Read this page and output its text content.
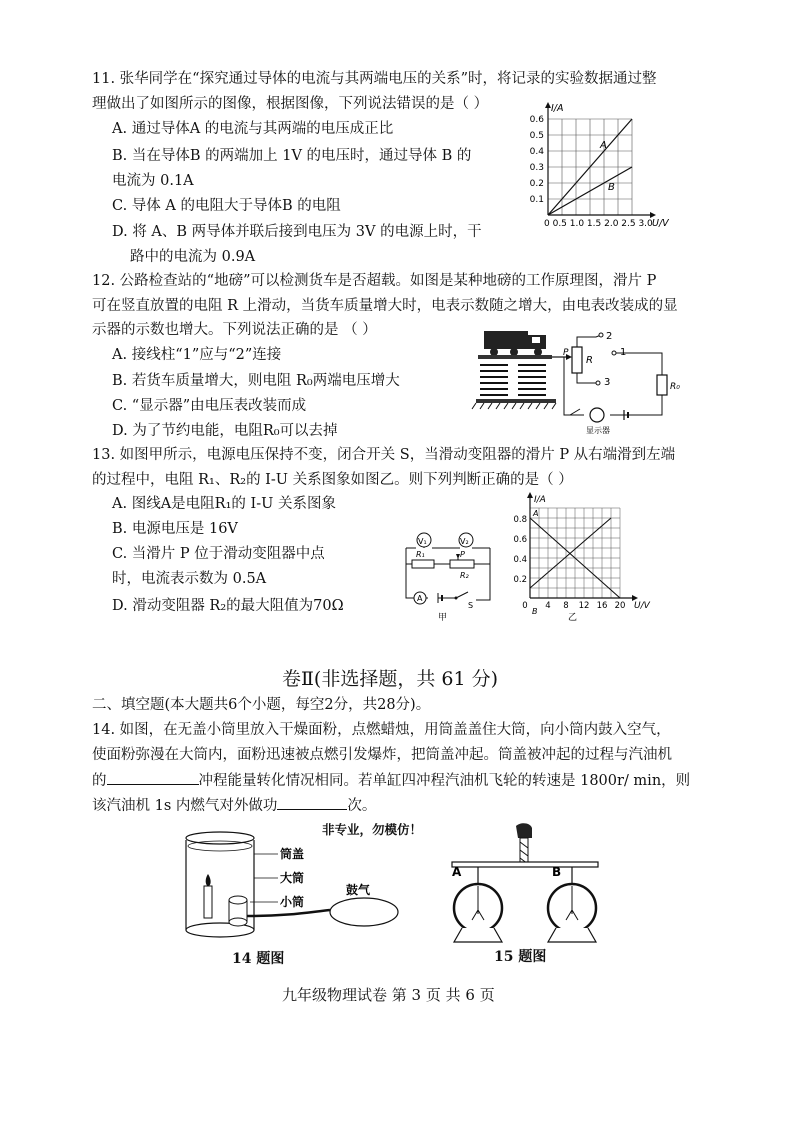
11. 张华同学在“探究通过导体的电流与其两端电压的关系”时，将记录的实验数据通过整
理做出了如图所示的图像，根据图像，下列说法错误的是（ ）
A. 通过导体A 的电流与其两端的电压成正比
B. 当在导体B 的两端加上 1V 的电压时，通过导体 B 的
电流为 0.1A
C. 导体 A 的电阻大于导体B 的电阻
D. 将 A、B 两导体并联后接到电压为 3V 的电源上时，干
路中的电流为 0.9A
A
B
I/A
0.6
0.5
0.4
0.3
0.2
0.1
0 0.5 1.0 1.5 2.0 2.5 3.0 U/V
12. 公路检查站的“地磅”可以检测货车是否超载。如图是某种地磅的工作原理图，滑片 P
可在竖直放置的电阻 R 上滑动，当货车质量增大时，电表示数随之增大，由电表改装成的显
示器的示数也增大。下列说法正确的是 （ ）
A. 接线柱“1”应与“2”连接
B. 若货车质量增大，则电阻 R₀两端电压增大
C. “显示器”由电压表改装而成
D. 为了节约电能，电阻R₀可以去掉
P
R
2
3
1
R₀
显示器
13. 如图甲所示，电源电压保持不变，闭合开关 S，当滑动变阻器的滑片 P 从右端滑到左端
的过程中，电阻 R₁、R₂的 I-U 关系图象如图乙。则下列判断正确的是（ ）
A. 图线A是电阻R₁的 I-U 关系图象
B. 电源电压是 16V
C. 当滑片 P 位于滑动变阻器中点
时，电流表示数为 0.5A
D. 滑动变阻器 R₂的最大阻值为70Ω
V₁	V₂
R₁	P
R₂
A
S
甲
A
B
I/A
0.8
0.6
0.4
0.2
0 4 8 12 16 20 U/V
乙
卷Ⅱ(非选择题，共 61 分)
二、填空题(本大题共6个小题，每空2分，共28分)。
14. 如图，在无盖小筒里放入干燥面粉，点燃蜡烛，用筒盖盖住大筒，向小筒内鼓入空气，
使面粉弥漫在大筒内，面粉迅速被点燃引发爆炸，把筒盖冲起。筒盖被冲起的过程与汽油机
的	冲程能量转化情况相同。若单缸四冲程汽油机飞轮的转速是 1800r/ min，则
该汽油机 1s 内燃气对外做功	次。
筒盖
大筒
小筒
鼓气
14 题图
非专业，勿模仿！
A	B
15 题图
九年级物理试卷 第 3 页 共 6 页
